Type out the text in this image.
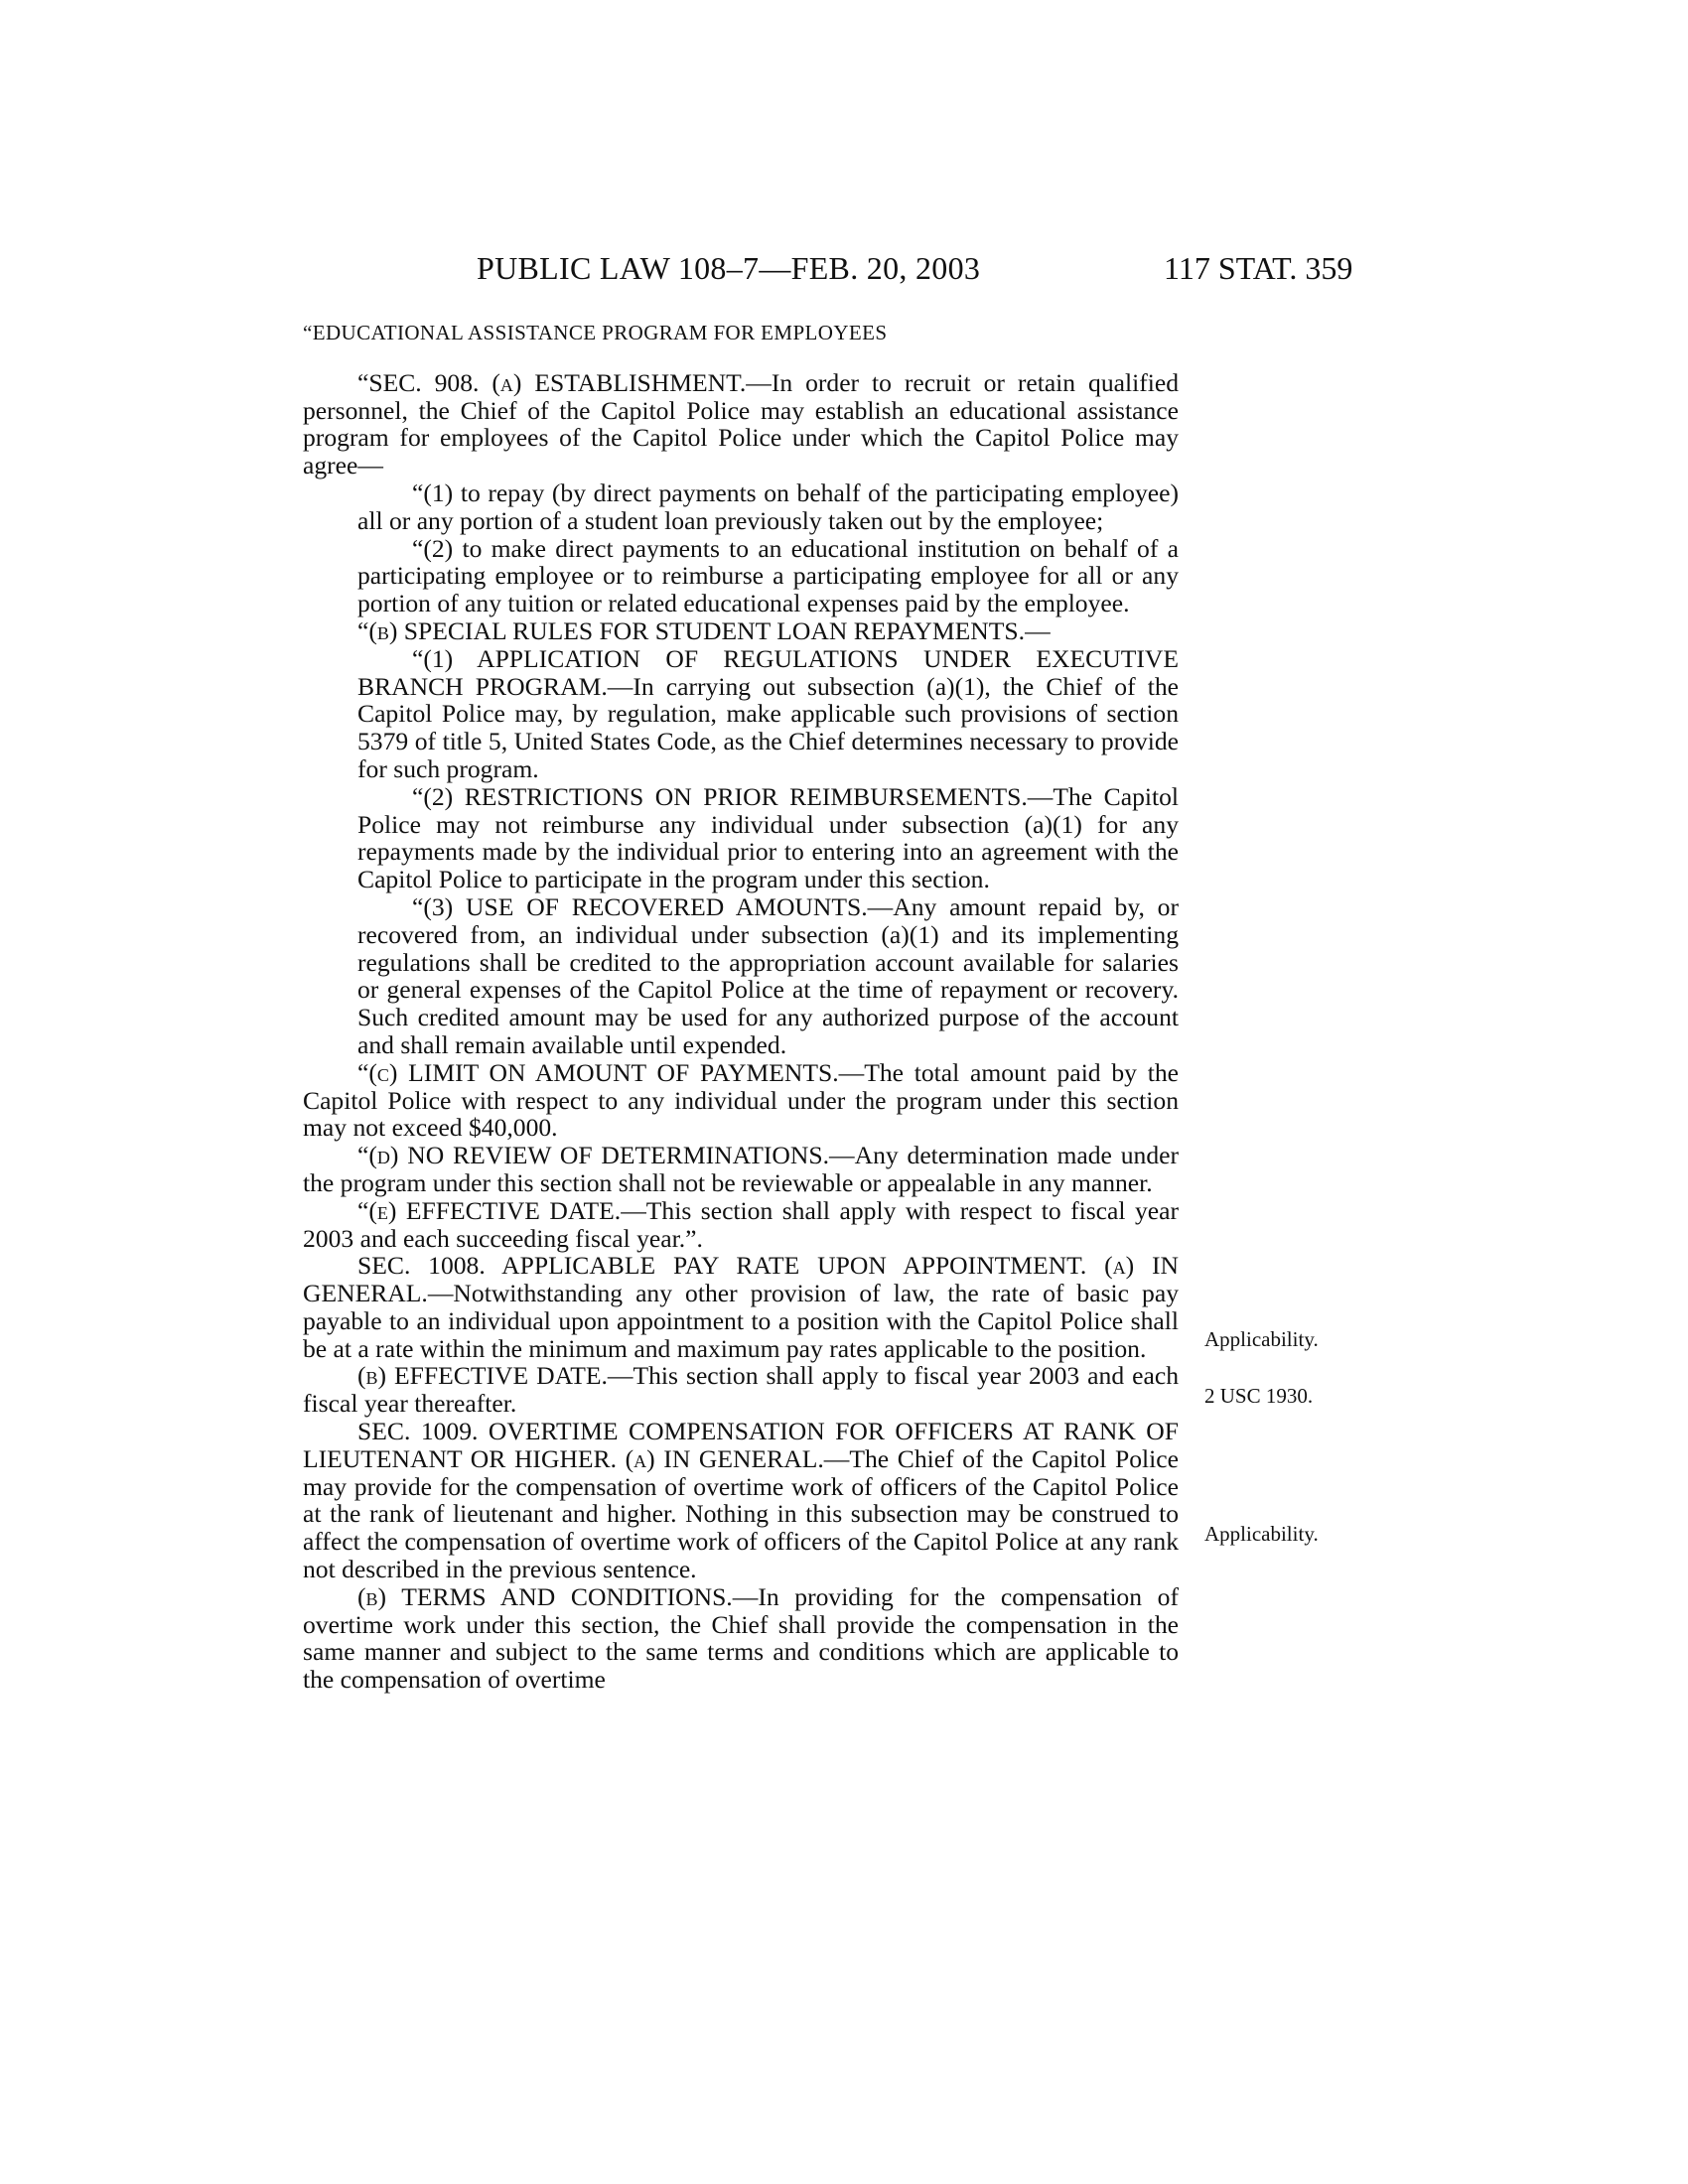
PUBLIC LAW 108–7—FEB. 20, 2003	117 STAT. 359

“EDUCATIONAL ASSISTANCE PROGRAM FOR EMPLOYEES

“SEC. 908. (a) ESTABLISHMENT.—In order to recruit or retain qualified personnel, the Chief of the Capitol Police may establish an educational assistance program for employees of the Capitol Police under which the Capitol Police may agree—

“(1) to repay (by direct payments on behalf of the participating employee) all or any portion of a student loan previously taken out by the employee;

“(2) to make direct payments to an educational institution on behalf of a participating employee or to reimburse a participating employee for all or any portion of any tuition or related educational expenses paid by the employee.

“(b) SPECIAL RULES FOR STUDENT LOAN REPAYMENTS.—

“(1) APPLICATION OF REGULATIONS UNDER EXECUTIVE BRANCH PROGRAM.—In carrying out subsection (a)(1), the Chief of the Capitol Police may, by regulation, make applicable such provisions of section 5379 of title 5, United States Code, as the Chief determines necessary to provide for such program.

“(2) RESTRICTIONS ON PRIOR REIMBURSEMENTS.—The Capitol Police may not reimburse any individual under subsection (a)(1) for any repayments made by the individual prior to entering into an agreement with the Capitol Police to participate in the program under this section.

“(3) USE OF RECOVERED AMOUNTS.—Any amount repaid by, or recovered from, an individual under subsection (a)(1) and its implementing regulations shall be credited to the appropriation account available for salaries or general expenses of the Capitol Police at the time of repayment or recovery. Such credited amount may be used for any authorized purpose of the account and shall remain available until expended.

“(c) LIMIT ON AMOUNT OF PAYMENTS.—The total amount paid by the Capitol Police with respect to any individual under the program under this section may not exceed $40,000.

“(d) NO REVIEW OF DETERMINATIONS.—Any determination made under the program under this section shall not be reviewable or appealable in any manner.

“(e) EFFECTIVE DATE.—This section shall apply with respect to fiscal year 2003 and each succeeding fiscal year.”.

SEC. 1008. APPLICABLE PAY RATE UPON APPOINTMENT. (a) IN GENERAL.—Notwithstanding any other provision of law, the rate of basic pay payable to an individual upon appointment to a position with the Capitol Police shall be at a rate within the minimum and maximum pay rates applicable to the position.

(b) EFFECTIVE DATE.—This section shall apply to fiscal year 2003 and each fiscal year thereafter.

SEC. 1009. OVERTIME COMPENSATION FOR OFFICERS AT RANK OF LIEUTENANT OR HIGHER. (a) IN GENERAL.—The Chief of the Capitol Police may provide for the compensation of overtime work of officers of the Capitol Police at the rank of lieutenant and higher. Nothing in this subsection may be construed to affect the compensation of overtime work of officers of the Capitol Police at any rank not described in the previous sentence.

(b) TERMS AND CONDITIONS.—In providing for the compensation of overtime work under this section, the Chief shall provide the compensation in the same manner and subject to the same terms and conditions which are applicable to the compensation of overtime

Applicability.
2 USC 1930.
Applicability.
